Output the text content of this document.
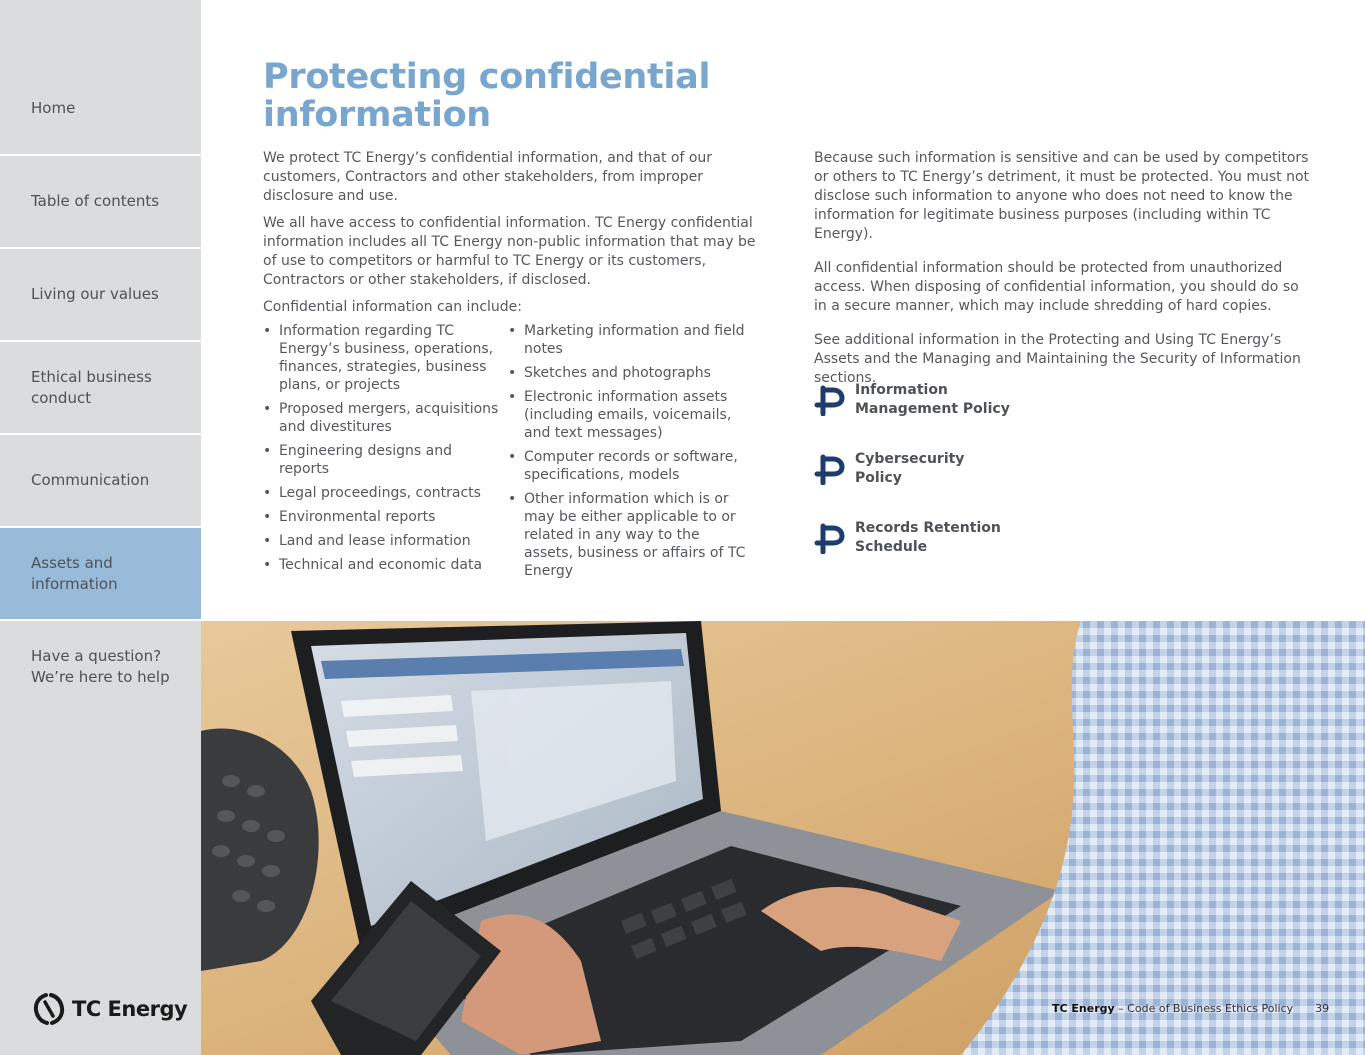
Home
Table of contents
Living our values
Ethical business conduct
Communication
Assets and information
Have a question? We’re here to help
TC Energy
Protecting confidential information

We protect TC Energy’s confidential information, and that of our customers, Contractors and other stakeholders, from improper disclosure and use.

We all have access to confidential information. TC Energy confidential information includes all TC Energy non-public information that may be of use to competitors or harmful to TC Energy or its customers, Contractors or other stakeholders, if disclosed.

Confidential information can include:

• Information regarding TC Energy’s business, operations, finances, strategies, business plans, or projects
• Proposed mergers, acquisitions and divestitures
• Engineering designs and reports
• Legal proceedings, contracts
• Environmental reports
• Land and lease information
• Technical and economic data
• Marketing information and field notes
• Sketches and photographs
• Electronic information assets (including emails, voicemails, and text messages)
• Computer records or software, specifications, models
• Other information which is or may be either applicable to or related in any way to the assets, business or affairs of TC Energy

Because such information is sensitive and can be used by competitors or others to TC Energy’s detriment, it must be protected. You must not disclose such information to anyone who does not need to know the information for legitimate business purposes (including within TC Energy).

All confidential information should be protected from unauthorized access. When disposing of confidential information, you should do so in a secure manner, which may include shredding of hard copies.

See additional information in the Protecting and Using TC Energy’s Assets and the Managing and Maintaining the Security of Information sections.

Information
Management Policy
Cybersecurity
Policy
Records Retention
Schedule
TC Energy – Code of Business Ethics Policy 39
